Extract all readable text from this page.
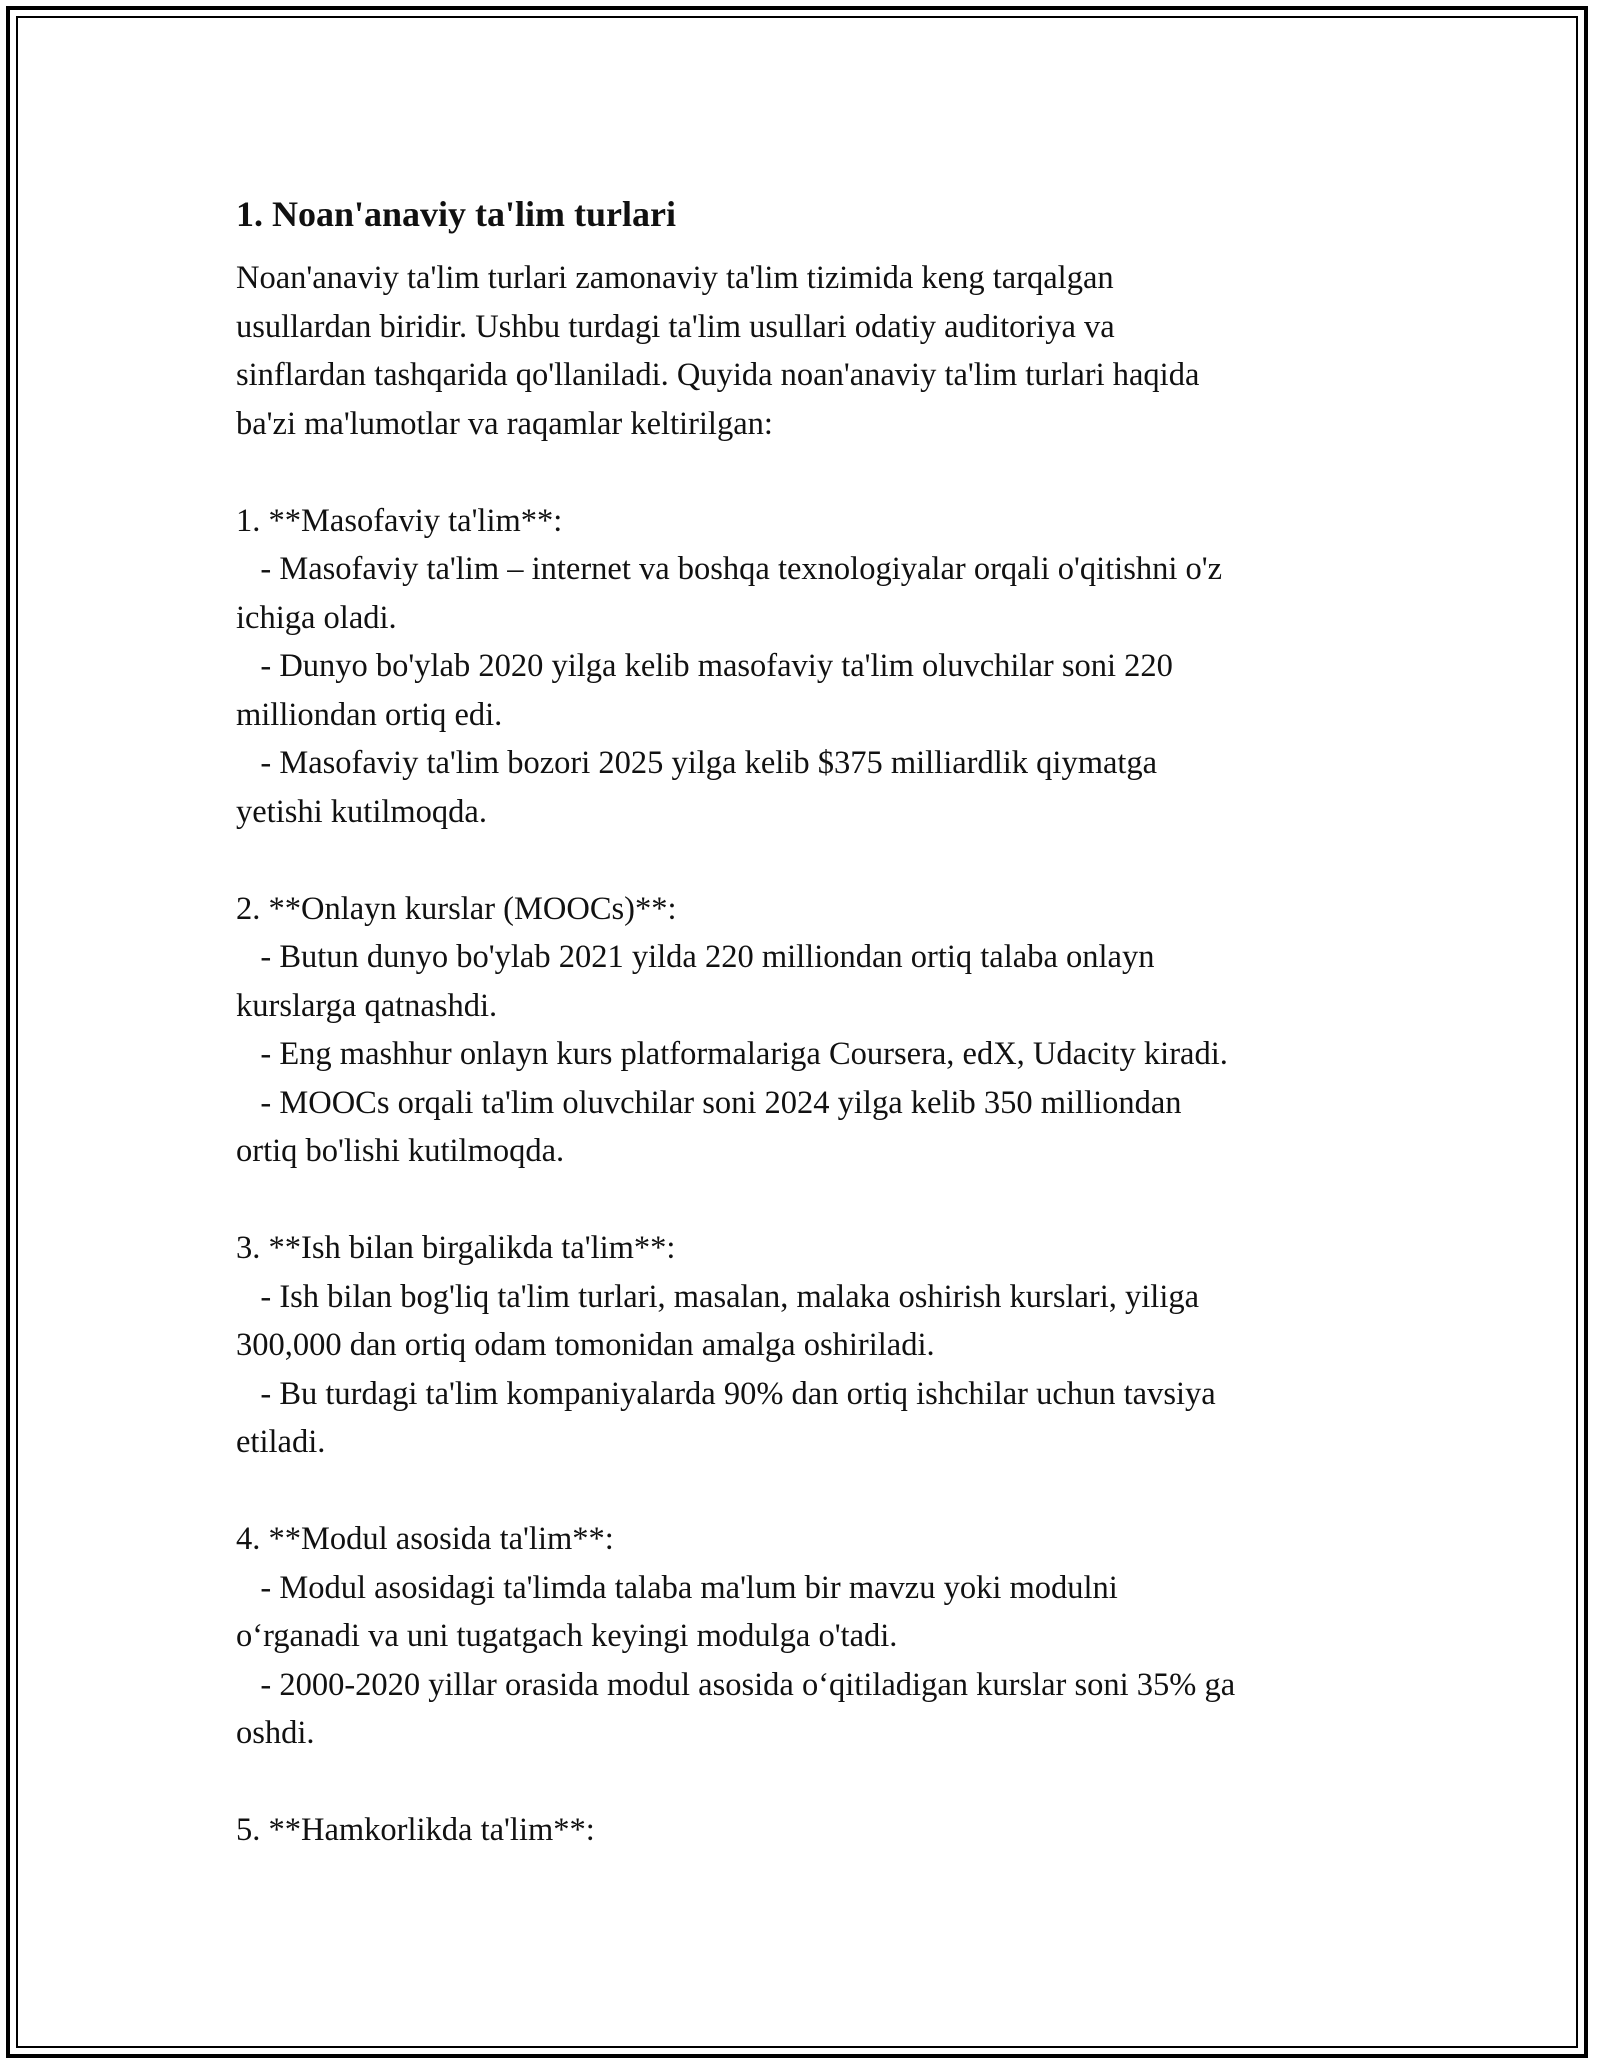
1. Noan'anaviy ta'lim turlari

Noan'anaviy ta'lim turlari zamonaviy ta'lim tizimida keng tarqalgan
usullardan biridir. Ushbu turdagi ta'lim usullari odatiy auditoriya va
sinflardan tashqarida qo'llaniladi. Quyida noan'anaviy ta'lim turlari haqida
ba'zi ma'lumotlar va raqamlar keltirilgan:

1. **Masofaviy ta'lim**:

- Masofaviy ta'lim – internet va boshqa texnologiyalar orqali o'qitishni o'z
ichiga oladi.

- Dunyo bo'ylab 2020 yilga kelib masofaviy ta'lim oluvchilar soni 220
milliondan ortiq edi.

- Masofaviy ta'lim bozori 2025 yilga kelib $375 milliardlik qiymatga
yetishi kutilmoqda.

2. **Onlayn kurslar (MOOCs)**:

- Butun dunyo bo'ylab 2021 yilda 220 milliondan ortiq talaba onlayn
kurslarga qatnashdi.

- Eng mashhur onlayn kurs platformalariga Coursera, edX, Udacity kiradi.

- MOOCs orqali ta'lim oluvchilar soni 2024 yilga kelib 350 milliondan
ortiq bo'lishi kutilmoqda.

3. **Ish bilan birgalikda ta'lim**:

- Ish bilan bog'liq ta'lim turlari, masalan, malaka oshirish kurslari, yiliga
300,000 dan ortiq odam tomonidan amalga oshiriladi.

- Bu turdagi ta'lim kompaniyalarda 90% dan ortiq ishchilar uchun tavsiya
etiladi.

4. **Modul asosida ta'lim**:

- Modul asosidagi ta'limda talaba ma'lum bir mavzu yoki modulni
o‘rganadi va uni tugatgach keyingi modulga o'tadi.

- 2000-2020 yillar orasida modul asosida o‘qitiladigan kurslar soni 35% ga
oshdi.

5. **Hamkorlikda ta'lim**:
